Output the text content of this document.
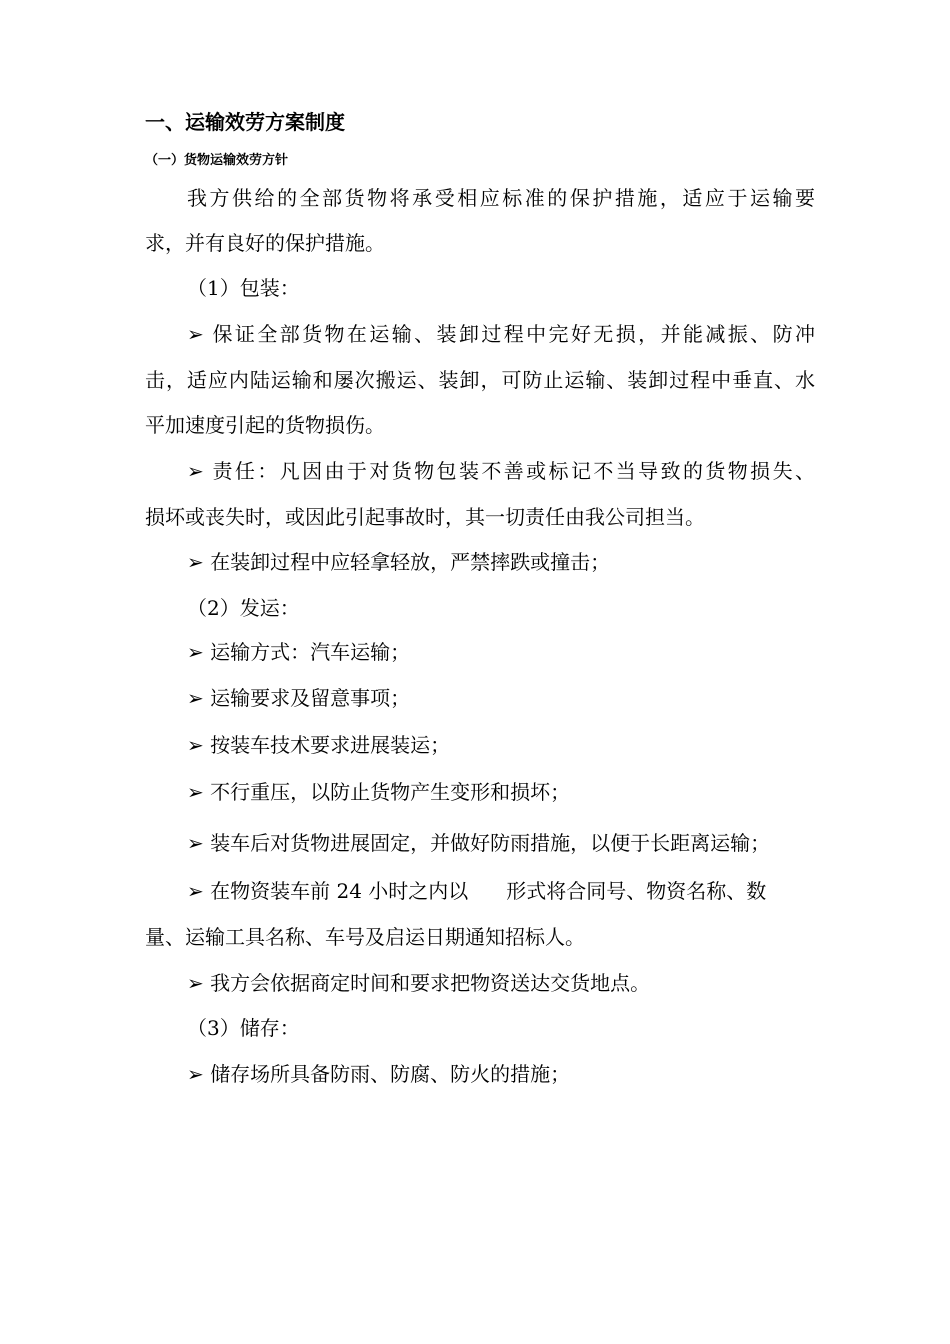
一、运输效劳方案制度
（一）货物运输效劳方针
我方供给的全部货物将承受相应标准的保护措施，适应于运输要
求，并有良好的保护措施。
（1）包装：
➢ 保证全部货物在运输、装卸过程中完好无损，并能减振、防冲
击，适应内陆运输和屡次搬运、装卸，可防止运输、装卸过程中垂直、水
平加速度引起的货物损伤。
➢ 责任：凡因由于对货物包装不善或标记不当导致的货物损失、
损坏或丧失时，或因此引起事故时，其一切责任由我公司担当。
➢ 在装卸过程中应轻拿轻放，严禁摔跌或撞击；
（2）发运：
➢ 运输方式：汽车运输；
➢ 运输要求及留意事项；
➢ 按装车技术要求进展装运；
➢ 不行重压，以防止货物产生变形和损坏；
➢ 装车后对货物进展固定，并做好防雨措施，以便于长距离运输；
➢ 在物资装车前 24 小时之内以 形式将合同号、物资名称、数
量、运输工具名称、车号及启运日期通知招标人。
➢ 我方会依据商定时间和要求把物资送达交货地点。
（3）储存：
➢ 储存场所具备防雨、防腐、防火的措施；
